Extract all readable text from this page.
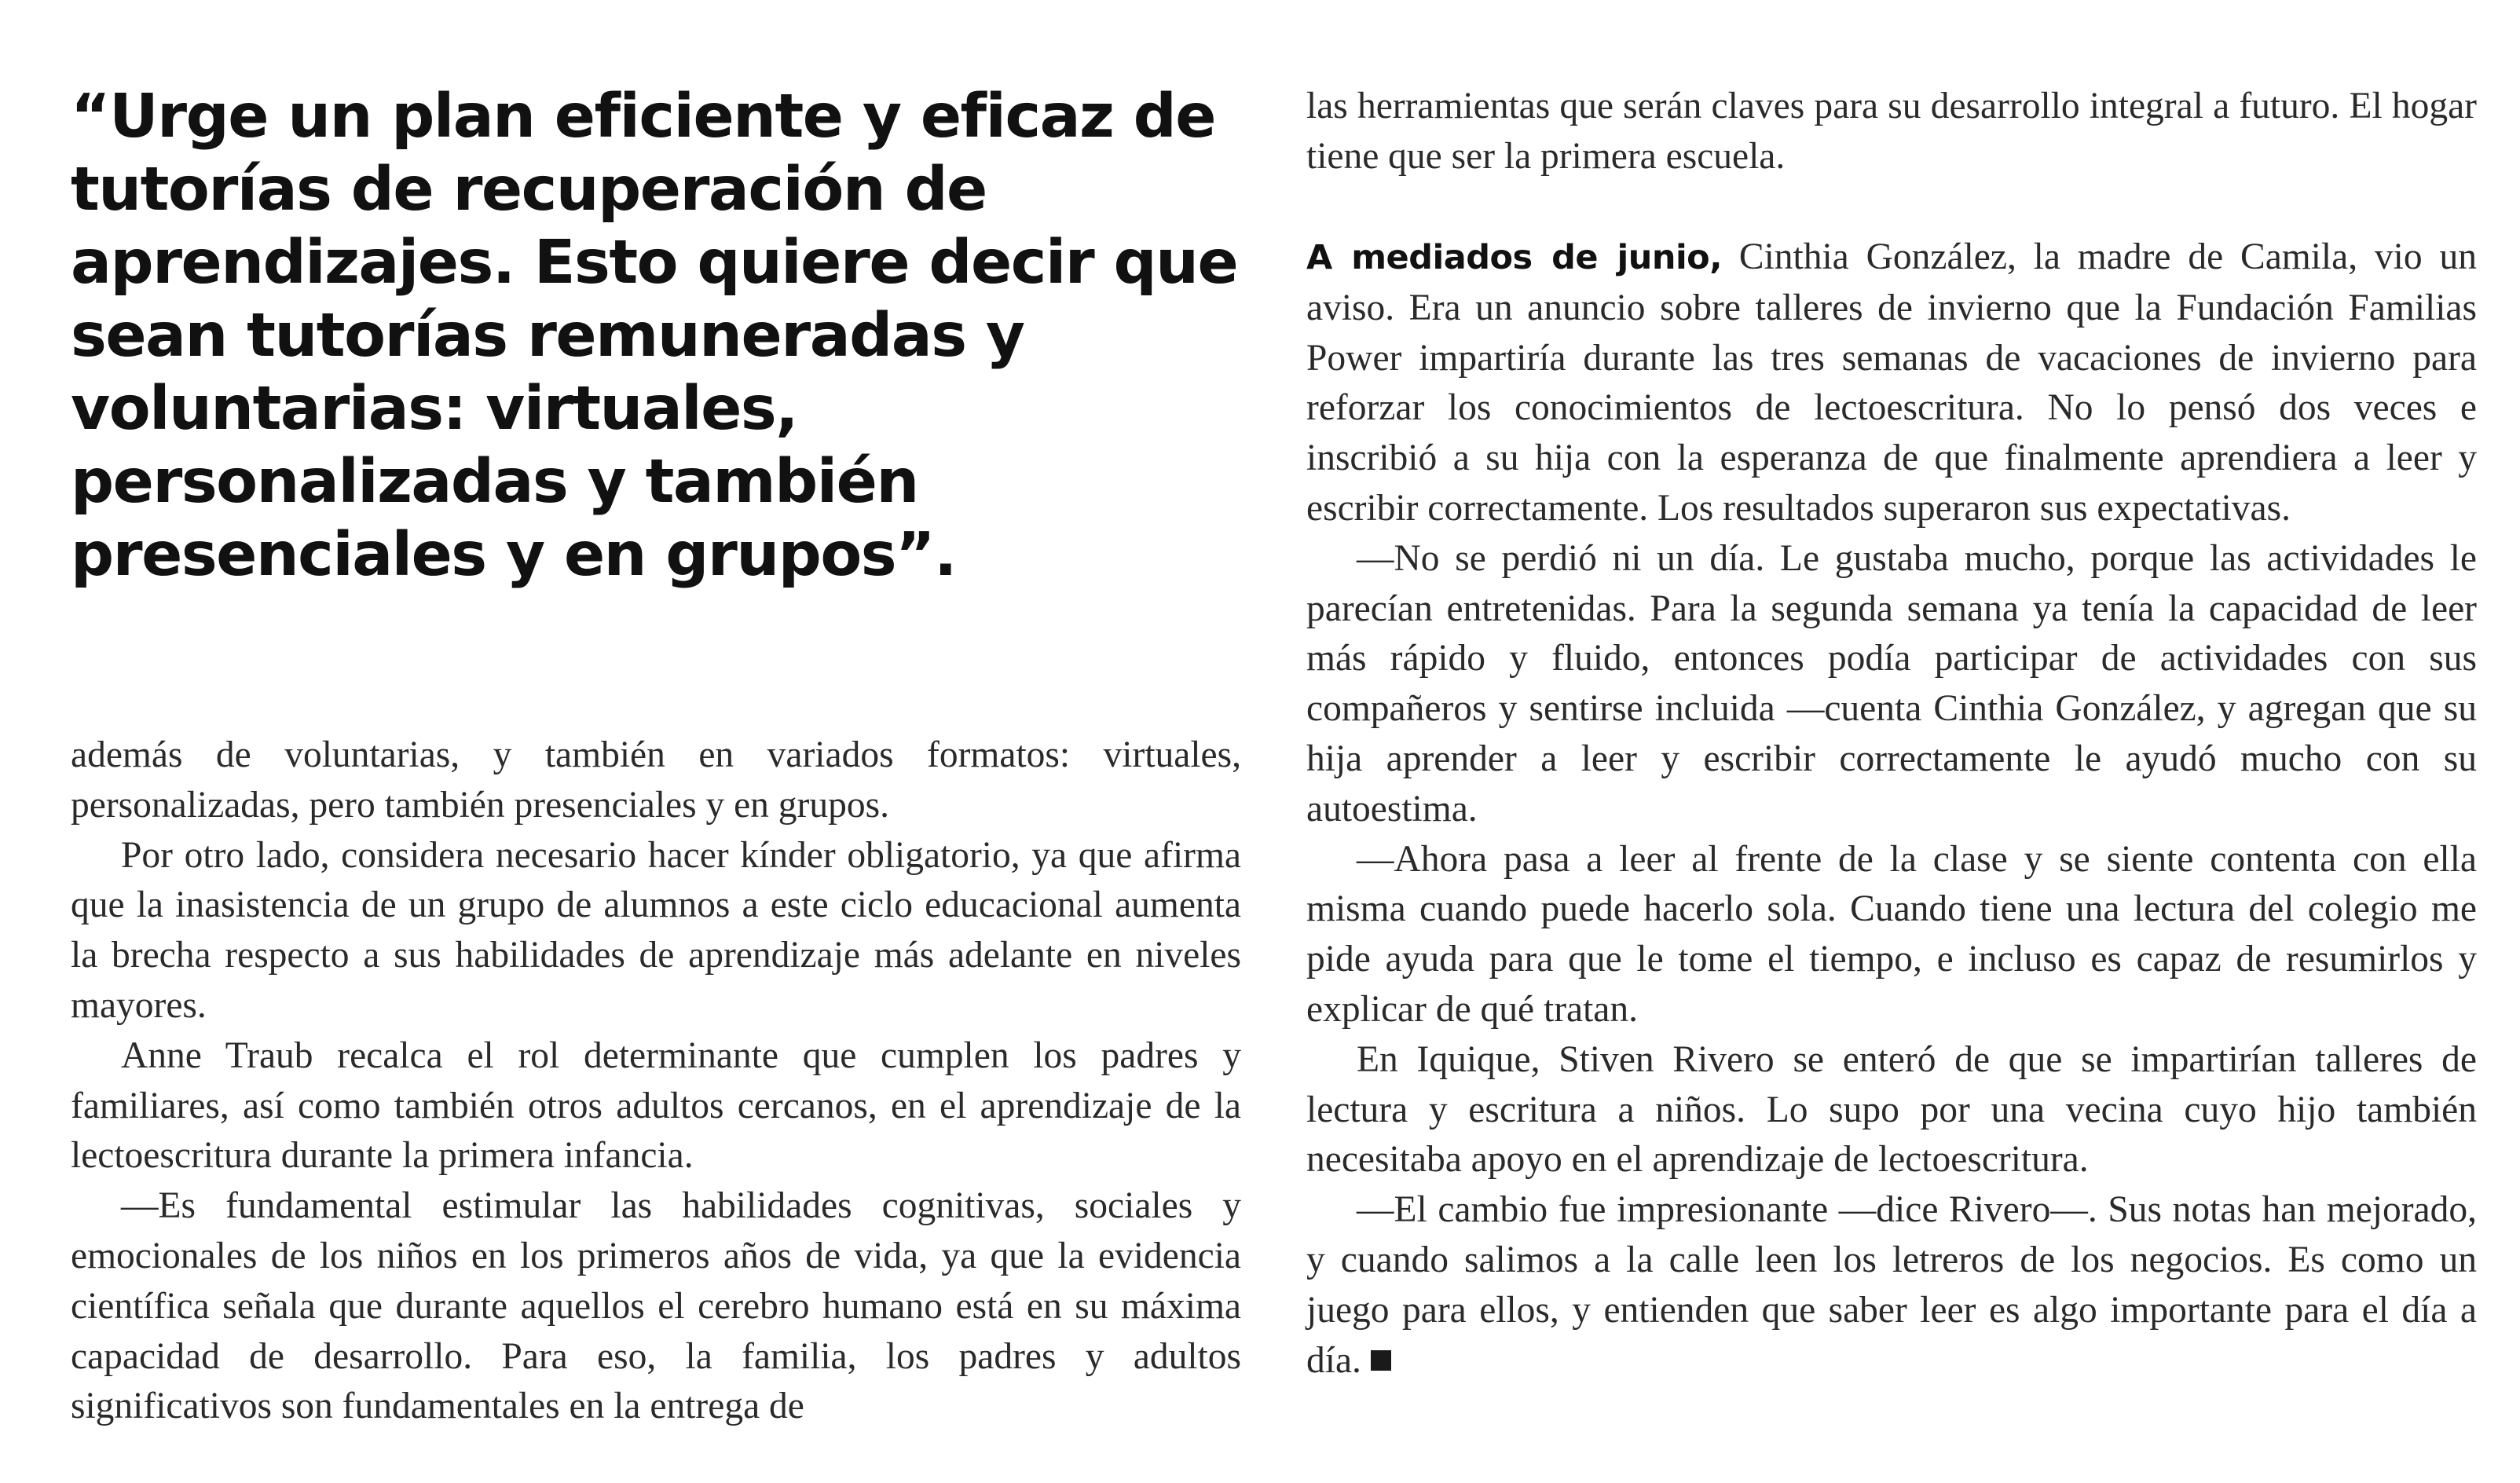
“Urge un plan eficiente y eficaz de tutorías de recuperación de aprendizajes. Esto quiere decir que sean tutorías remuneradas y voluntarias: virtuales, personalizadas y también presenciales y en grupos”.

además de voluntarias, y también en variados formatos: virtuales, personalizadas, pero también presenciales y en grupos.

Por otro lado, considera necesario hacer kínder obligatorio, ya que afirma que la inasistencia de un grupo de alumnos a este ciclo educacional aumenta la brecha respecto a sus habilidades de aprendizaje más adelante en niveles mayores.

Anne Traub recalca el rol determinante que cumplen los padres y familiares, así como también otros adultos cercanos, en el aprendizaje de la lectoescritura durante la primera infancia.

—Es fundamental estimular las habilidades cognitivas, sociales y emocionales de los niños en los primeros años de vida, ya que la evidencia científica señala que durante aquellos el cerebro humano está en su máxima capacidad de desarrollo. Para eso, la familia, los padres y adultos significativos son fundamentales en la entrega de

las herramientas que serán claves para su desarrollo integral a futuro. El hogar tiene que ser la primera escuela.

A mediados de junio, Cinthia González, la madre de Camila, vio un aviso. Era un anuncio sobre talleres de invierno que la Fundación Familias Power impartiría durante las tres semanas de vacaciones de invierno para reforzar los conocimientos de lectoescritura. No lo pensó dos veces e inscribió a su hija con la esperanza de que finalmente aprendiera a leer y escribir correctamente. Los resultados superaron sus expectativas.

—No se perdió ni un día. Le gustaba mucho, porque las actividades le parecían entretenidas. Para la segunda semana ya tenía la capacidad de leer más rápido y fluido, entonces podía participar de actividades con sus compañeros y sentirse incluida —cuenta Cinthia González, y agregan que su hija aprender a leer y escribir correctamente le ayudó mucho con su autoestima.

—Ahora pasa a leer al frente de la clase y se siente contenta con ella misma cuando puede hacerlo sola. Cuando tiene una lectura del colegio me pide ayuda para que le tome el tiempo, e incluso es capaz de resumirlos y explicar de qué tratan.

En Iquique, Stiven Rivero se enteró de que se impartirían talleres de lectura y escritura a niños. Lo supo por una vecina cuyo hijo también necesitaba apoyo en el aprendizaje de lectoescritura.

—El cambio fue impresionante —dice Rivero—. Sus notas han mejorado, y cuando salimos a la calle leen los letreros de los negocios. Es como un juego para ellos, y entienden que saber leer es algo importante para el día a día.
